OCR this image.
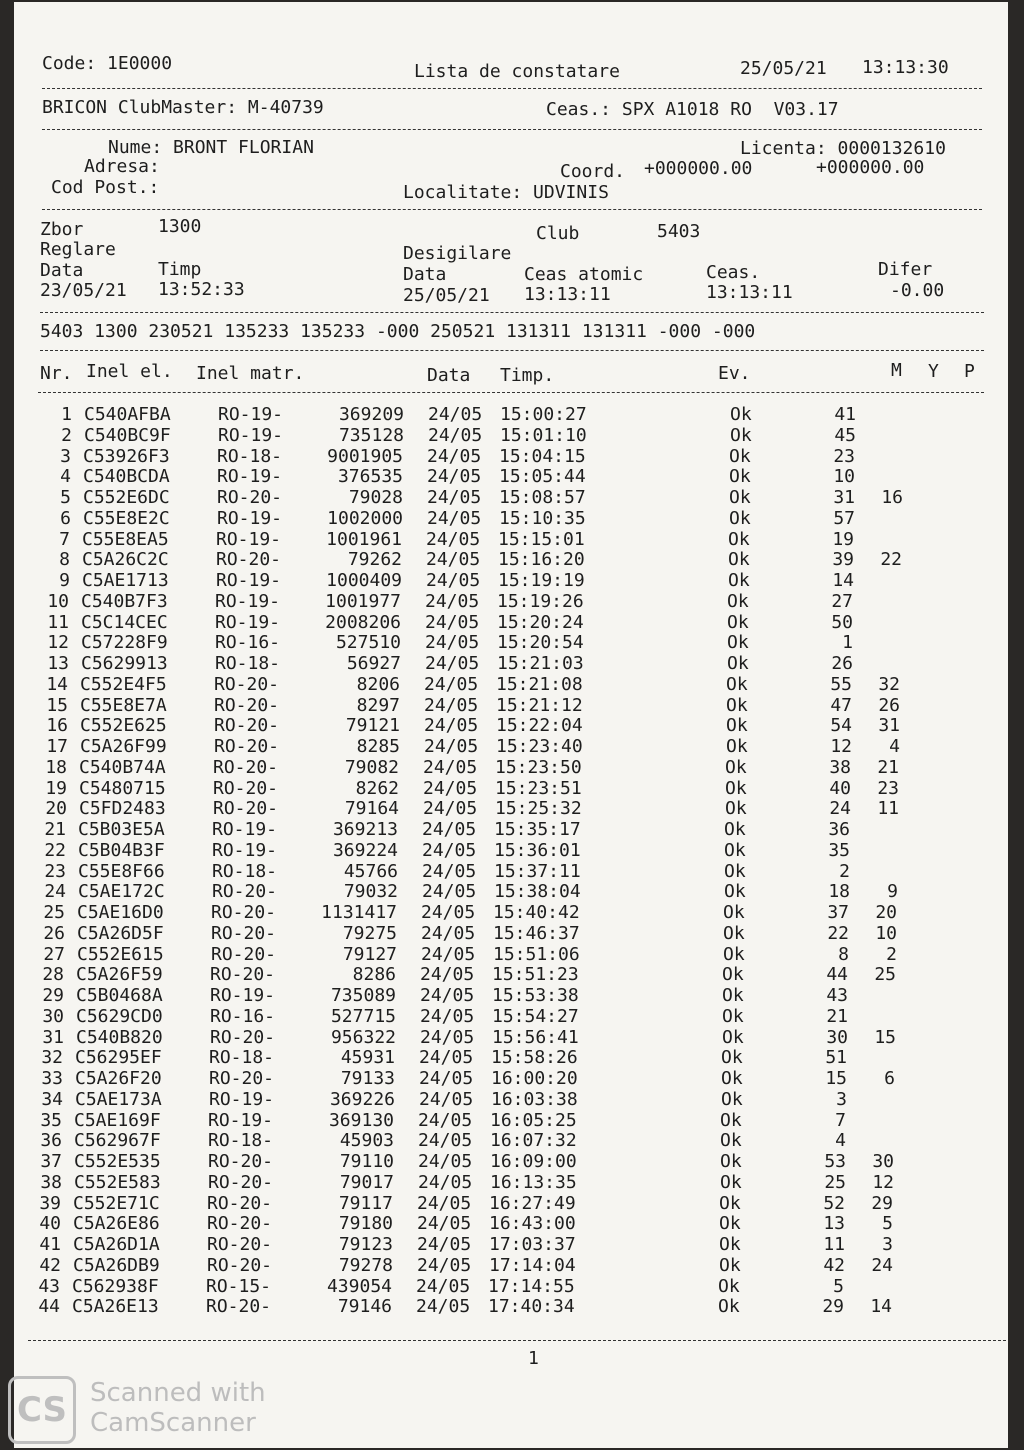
Code: 1E0000	Lista de constatare	25/05/21 13:13:30
BRICON ClubMaster: M-40739	Ceas.: SPX A1018 RO  V03.17
Nume: BRONT FLORIAN
Adresa:
Cod Post.:
Licenta: 0000132610
Coord. +000000.00	+000000.00
Localitate: UDVINIS
Zbor	1300	Club	5403
Reglare	Desigilare
Data	Timp	Data	Ceas atomic	Ceas.	Difer
23/05/21 13:52:33	25/05/21 13:13:11	13:13:11	-0.00
5403 1300 230521 135233 135233 -000 250521 131311 131311 -000 -000
Nr. Inel el. Inel matr.	Data Timp.	Ev.	M Y P
1 C540AFBA	RO-19-	369209 24/05 15:00:27	Ok	41
2 C540BC9F	RO-19-	735128 24/05 15:01:10	Ok	45
3 C53926F3	RO-18-	9001905 24/05 15:04:15	Ok	23
4 C540BCDA	RO-19-	376535 24/05 15:05:44	Ok	10
5 C552E6DC	RO-20-	79028 24/05 15:08:57	Ok	31	16
6 C55E8E2C	RO-19-	1002000 24/05 15:10:35	Ok	57
7 C55E8EA5	RO-19-	1001961 24/05 15:15:01	Ok	19
8 C5A26C2C	RO-20-	79262 24/05 15:16:20	Ok	39	22
9 C5AE1713	RO-19-	1000409 24/05 15:19:19	Ok	14
10 C540B7F3	RO-19-	1001977 24/05 15:19:26	Ok	27
11 C5C14CEC	RO-19-	2008206 24/05 15:20:24	Ok	50
12 C57228F9	RO-16-	527510 24/05 15:20:54	Ok	1
13 C5629913	RO-18-	56927 24/05 15:21:03	Ok	26
14 C552E4F5	RO-20-	8206 24/05 15:21:08	Ok	55	32
15 C55E8E7A	RO-20-	8297 24/05 15:21:12	Ok	47	26
16 C552E625	RO-20-	79121 24/05 15:22:04	Ok	54	31
17 C5A26F99	RO-20-	8285 24/05 15:23:40	Ok	12	4
18 C540B74A	RO-20-	79082 24/05 15:23:50	Ok	38	21
19 C5480715	RO-20-	8262 24/05 15:23:51	Ok	40	23
20 C5FD2483	RO-20-	79164 24/05 15:25:32	Ok	24	11
21 C5B03E5A	RO-19-	369213 24/05 15:35:17	Ok	36
22 C5B04B3F	RO-19-	369224 24/05 15:36:01	Ok	35
23 C55E8F66	RO-18-	45766 24/05 15:37:11	Ok	2
24 C5AE172C	RO-20-	79032 24/05 15:38:04	Ok	18	9
25 C5AE16D0	RO-20-	1131417 24/05 15:40:42	Ok	37	20
26 C5A26D5F	RO-20-	79275 24/05 15:46:37	Ok	22	10
27 C552E615	RO-20-	79127 24/05 15:51:06	Ok	8	2
28 C5A26F59	RO-20-	8286 24/05 15:51:23	Ok	44	25
29 C5B0468A	RO-19-	735089 24/05 15:53:38	Ok	43
30 C5629CD0	RO-16-	527715 24/05 15:54:27	Ok	21
31 C540B820	RO-20-	956322 24/05 15:56:41	Ok	30	15
32 C56295EF	RO-18-	45931 24/05 15:58:26	Ok	51
33 C5A26F20	RO-20-	79133 24/05 16:00:20	Ok	15	6
34 C5AE173A	RO-19-	369226 24/05 16:03:38	Ok	3
35 C5AE169F	RO-19-	369130 24/05 16:05:25	Ok	7
36 C562967F	RO-18-	45903 24/05 16:07:32	Ok	4
37 C552E535	RO-20-	79110 24/05 16:09:00	Ok	53	30
38 C552E583	RO-20-	79017 24/05 16:13:35	Ok	25	12
39 C552E71C	RO-20-	79117 24/05 16:27:49	Ok	52	29
40 C5A26E86	RO-20-	79180 24/05 16:43:00	Ok	13	5
41 C5A26D1A	RO-20-	79123 24/05 17:03:37	Ok	11	3
42 C5A26DB9	RO-20-	79278 24/05 17:14:04	Ok	42	24
43 C562938F	RO-15-	439054 24/05 17:14:55	Ok	5
44 C5A26E13	RO-20-	79146 24/05 17:40:34	Ok	29	14
1
CS Scanned with
CamScanner
